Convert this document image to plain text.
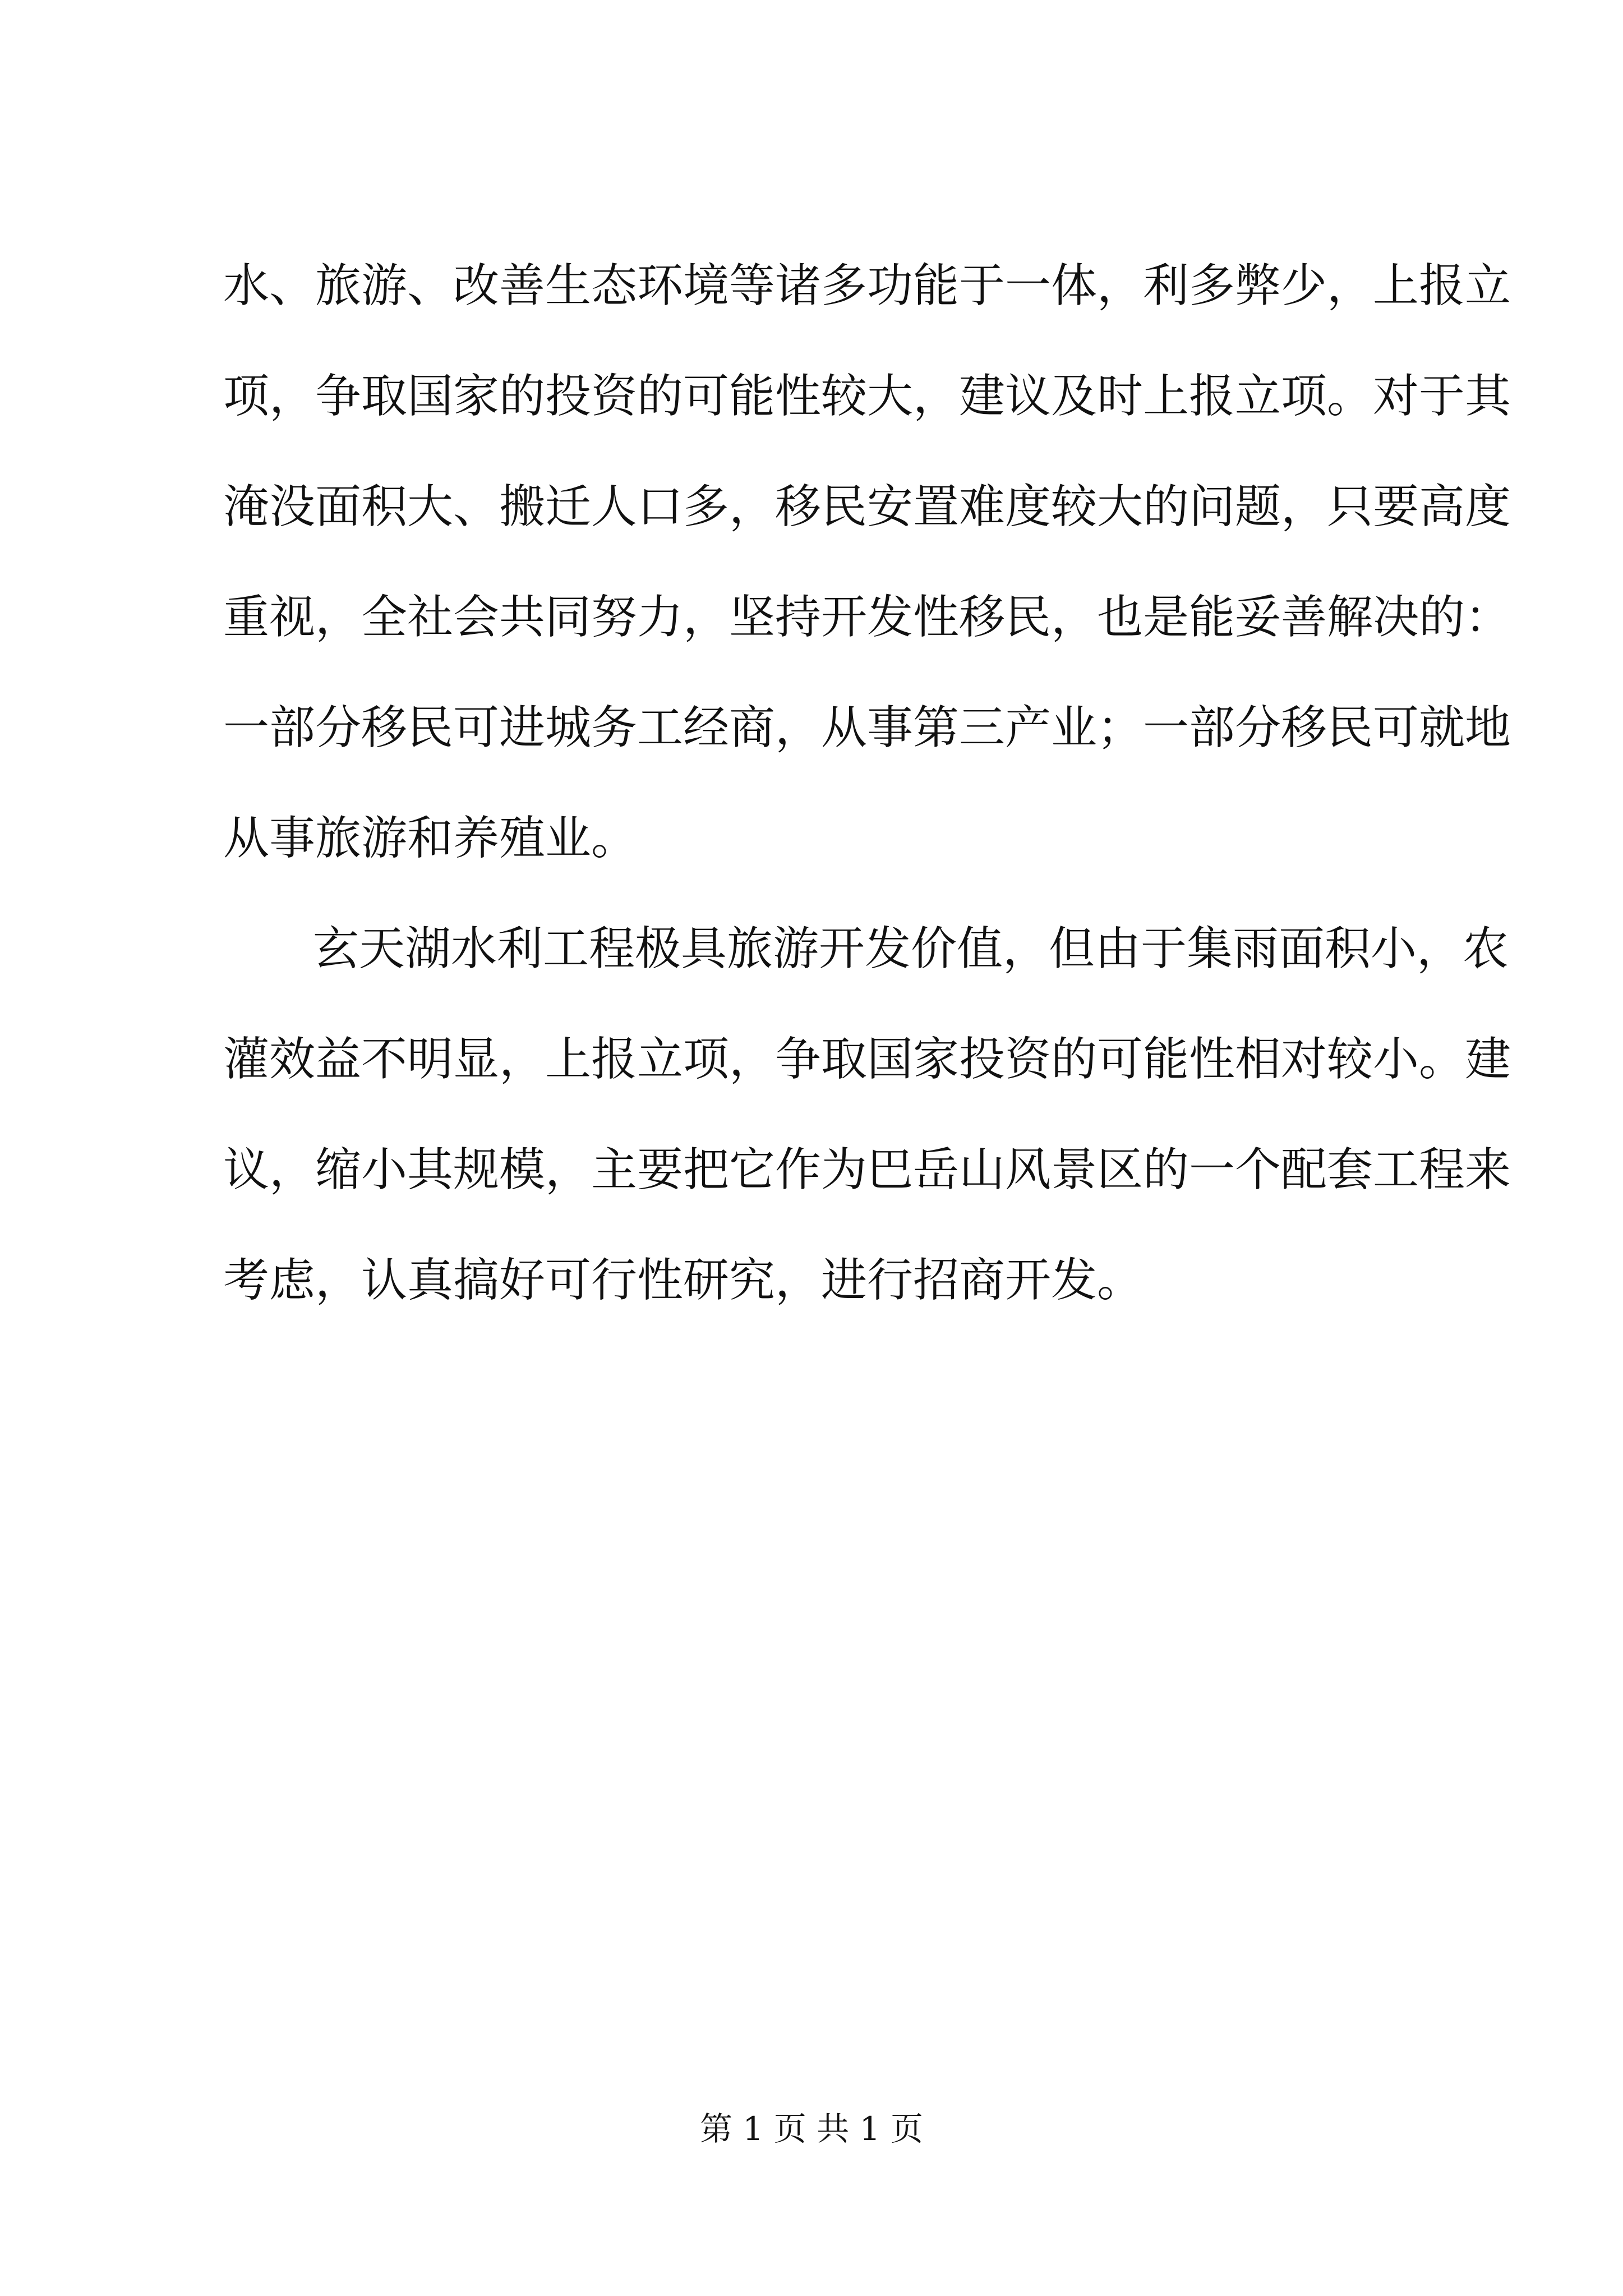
水、旅游、改善生态环境等诸多功能于一体，利多弊少，上报立
项，争取国家的投资的可能性较大，建议及时上报立项。对于其
淹没面积大、搬迁人口多，移民安置难度较大的问题，只要高度
重视，全社会共同努力，坚持开发性移民，也是能妥善解决的：
一部分移民可进城务工经商，从事第三产业；一部分移民可就地
从事旅游和养殖业。
玄天湖水利工程极具旅游开发价值，但由于集雨面积小，农
灌效益不明显，上报立项，争取国家投资的可能性相对较小。建
议，缩小其规模，主要把它作为巴岳山风景区的一个配套工程来
考虑，认真搞好可行性研究，进行招商开发。
第 1 页 共 1 页
